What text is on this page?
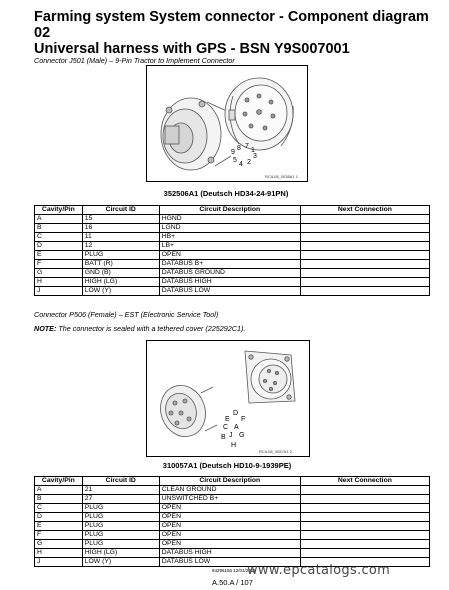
Farming system System connector - Component diagram 02
Universal harness with GPS - BSN Y9S007001
Connector J501 (Male) – 9-Pin Tractor to Implement Connector
9
8 7
1
5
4 2
3
RCIL08_0038A1 1
352506A1 (Deutsch HD34-24-91PN)
Cavity/Pin	Circuit ID	Circuit Description	Next Connection
A	15	HGND	
B	16	LGND	
C	11	HB+	
D	12	LB+	
E	PLUG	OPEN	
F	BATT (R)	DATABUS B+	
G	GND (B)	DATABUS GROUND	
H	HIGH (LG)	DATABUS HIGH	
J	LOW (Y)	DATABUS LOW	
Connector P506 (Female) – EST (Electronic Service Tool)
NOTE: The connector is sealed with a tethered cover (225292C1).
D
E F
C A
J G
B
H
RCIL08_0057A1 2
310057A1 (Deutsch HD10-9-1939PE)
Cavity/Pin	Circuit ID	Circuit Description	Next Connection
A	21	CLEAN GROUND	
B	27	UNSWITCHED B+	
C	PLUG	OPEN	
D	PLUG	OPEN	
E	PLUG	OPEN	
F	PLUG	OPEN	
G	PLUG	OPEN	
H	HIGH (LG)	DATABUS HIGH	
J	LOW (Y)	DATABUS LOW	
84296155 12/01/2011
A.50.A / 107
www.epcatalogs.com
